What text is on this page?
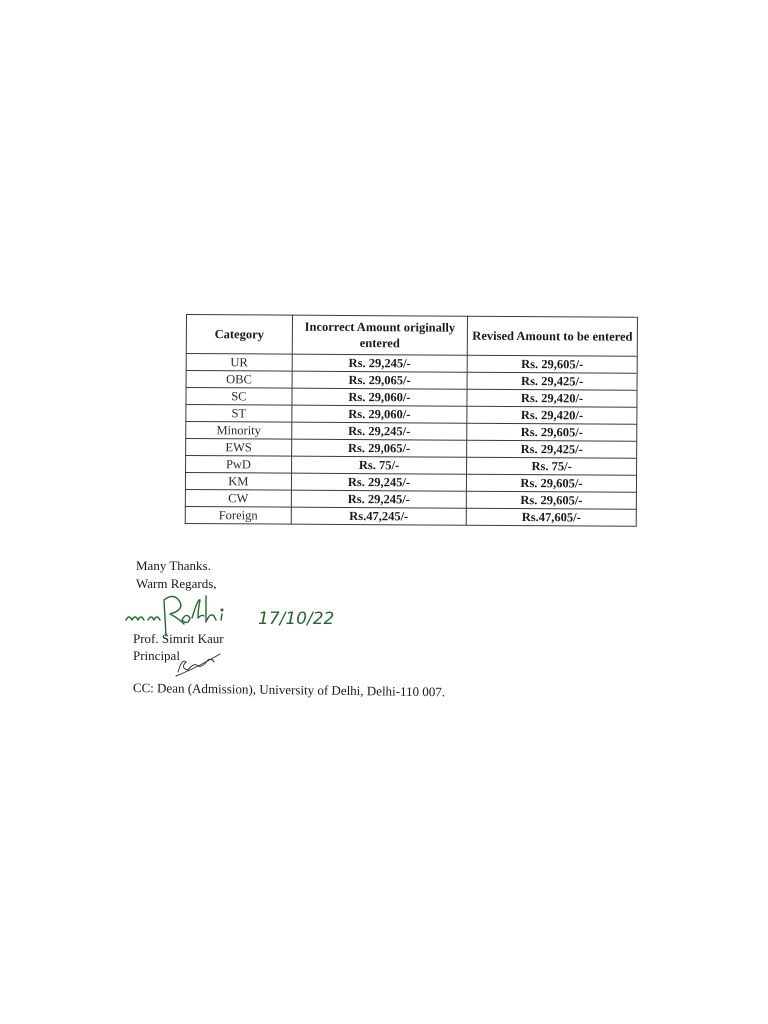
Category	Incorrect Amount originally entered	Revised Amount to be entered
UR	Rs. 29,245/-	Rs. 29,605/-
OBC	Rs. 29,065/-	Rs. 29,425/-
SC	Rs. 29,060/-	Rs. 29,420/-
ST	Rs. 29,060/-	Rs. 29,420/-
Minority	Rs. 29,245/-	Rs. 29,605/-
EWS	Rs. 29,065/-	Rs. 29,425/-
PwD	Rs. 75/-	Rs. 75/-
KM	Rs. 29,245/-	Rs. 29,605/-
CW	Rs. 29,245/-	Rs. 29,605/-
Foreign	Rs.47,245/-	Rs.47,605/-
Many Thanks.
Warm Regards,
17/10/22
Prof. Simrit Kaur
Principal
CC: Dean (Admission), University of Delhi, Delhi-110 007.
